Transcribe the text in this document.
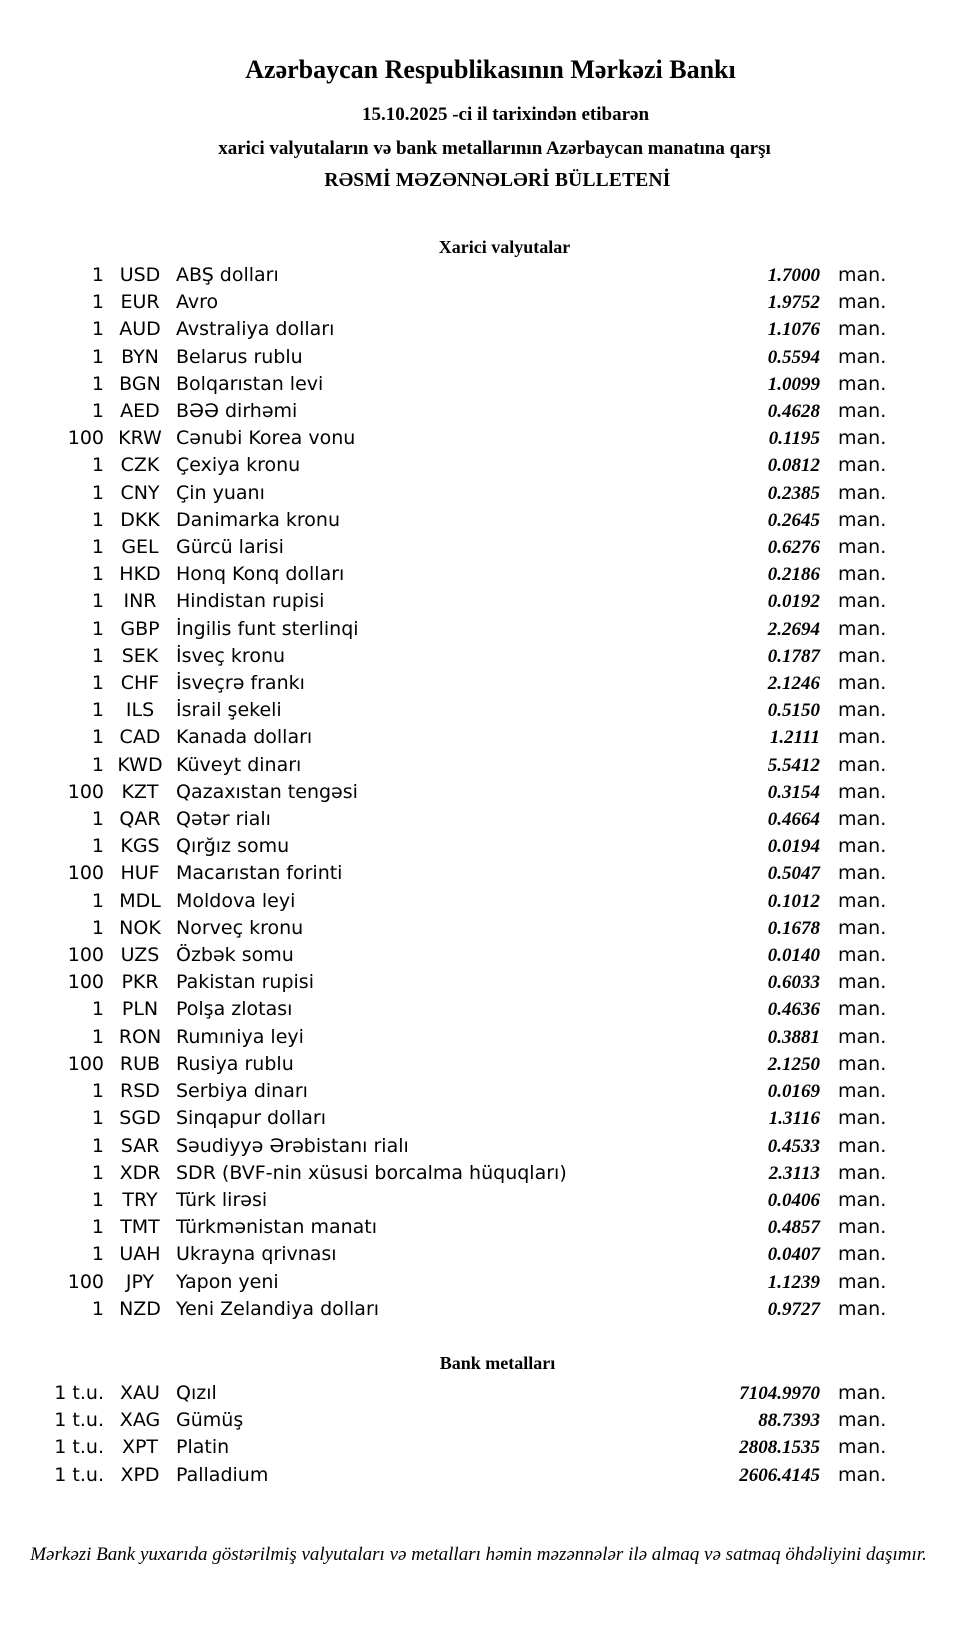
Azərbaycan Respublikasının Mərkəzi Bankı
15.10.2025 -ci il tarixindən etibarən
xarici valyutaların və bank metallarının Azərbaycan manatına qarşı
RƏSMİ MƏZƏNNƏLƏRİ BÜLLETENİ
Xarici valyutalar
1 USD ABŞ dolları	1.7000 man.
1 EUR Avro	1.9752 man.
1 AUD Avstraliya dolları	1.1076 man.
1 BYN Belarus rublu	0.5594 man.
1 BGN Bolqarıstan levi	1.0099 man.
1 AED BƏƏ dirhəmi	0.4628 man.
100 KRW Cənubi Korea vonu	0.1195 man.
1 CZK Çexiya kronu	0.0812 man.
1 CNY Çin yuanı	0.2385 man.
1 DKK Danimarka kronu	0.2645 man.
1 GEL Gürcü larisi	0.6276 man.
1 HKD Honq Konq dolları	0.2186 man.
1	INR	Hindistan rupisi	0.0192 man.
1 GBP İngilis funt sterlinqi	2.2694 man.
1 SEK İsveç kronu	0.1787 man.
1 CHF İsveçrə frankı	2.1246 man.
1	ILS	İsrail şekeli	0.5150 man.
1 CAD Kanada dolları	1.2111 man.
1 KWD Küveyt dinarı	5.5412 man.
100 KZT Qazaxıstan tengəsi	0.3154 man.
1 QAR Qətər rialı	0.4664 man.
1 KGS Qırğız somu	0.0194 man.
100 HUF Macarıstan forinti	0.5047 man.
1 MDL Moldova leyi	0.1012 man.
1 NOK Norveç kronu	0.1678 man.
100 UZS Özbək somu	0.0140 man.
100 PKR Pakistan rupisi	0.6033 man.
1 PLN Polşa zlotası	0.4636 man.
1 RON Rumıniya leyi	0.3881 man.
100 RUB Rusiya rublu	2.1250 man.
1 RSD Serbiya dinarı	0.0169 man.
1 SGD Sinqapur dolları	1.3116 man.
1 SAR Səudiyyə Ərəbistanı rialı	0.4533 man.
1 XDR SDR (BVF-nin xüsusi borcalma hüquqları)	2.3113 man.
1 TRY Türk lirəsi	0.0406 man.
1 TMT Türkmənistan manatı	0.4857 man.
1 UAH Ukrayna qrivnası	0.0407 man.
100	JPY	Yapon yeni	1.1239 man.
1 NZD Yeni Zelandiya dolları	0.9727 man.
Bank metalları
1 t.u. XAU Qızıl	7104.9970 man.
1 t.u. XAG Gümüş	88.7393 man.
1 t.u. XPT Platin	2808.1535 man.
1 t.u. XPD Palladium	2606.4145 man.
Mərkəzi Bank yuxarıda göstərilmiş valyutaları və metalları həmin məzənnələr ilə almaq və satmaq öhdəliyini daşımır.
